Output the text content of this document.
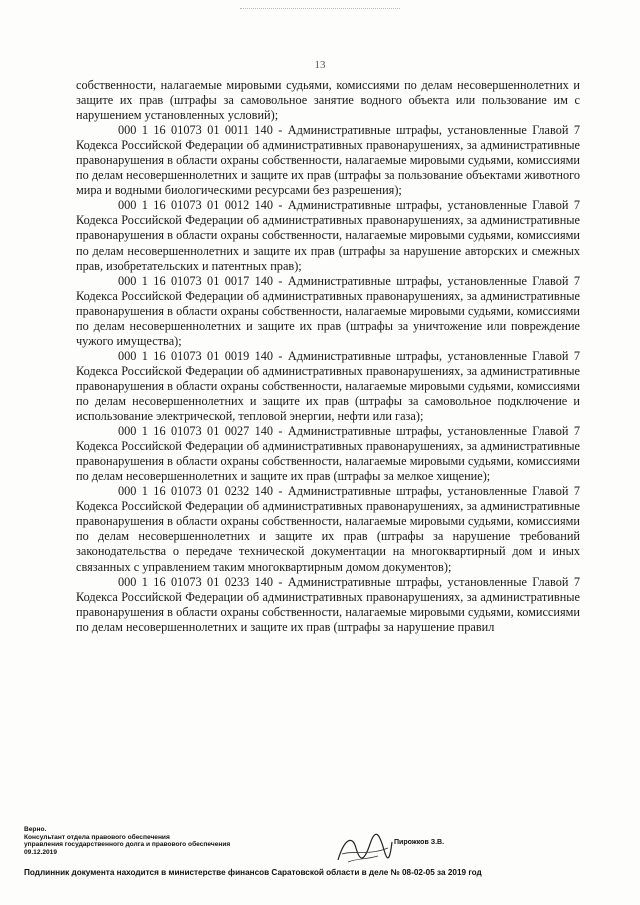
13

собственности, налагаемые мировыми судьями, комиссиями по делам несовершеннолетних и защите их прав (штрафы за самовольное занятие водного объекта или пользование им с нарушением установленных условий);

000 1 16 01073 01 0011 140 - Административные штрафы, установленные Главой 7 Кодекса Российской Федерации об административных правонарушениях, за административные правонарушения в области охраны собственности, налагаемые мировыми судьями, комиссиями по делам несовершеннолетних и защите их прав (штрафы за пользование объектами животного мира и водными биологическими ресурсами без разрешения);

000 1 16 01073 01 0012 140 - Административные штрафы, установленные Главой 7 Кодекса Российской Федерации об административных правонарушениях, за административные правонарушения в области охраны собственности, налагаемые мировыми судьями, комиссиями по делам несовершеннолетних и защите их прав (штрафы за нарушение авторских и смежных прав, изобретательских и патентных прав);

000 1 16 01073 01 0017 140 - Административные штрафы, установленные Главой 7 Кодекса Российской Федерации об административных правонарушениях, за административные правонарушения в области охраны собственности, налагаемые мировыми судьями, комиссиями по делам несовершеннолетних и защите их прав (штрафы за уничтожение или повреждение чужого имущества);

000 1 16 01073 01 0019 140 - Административные штрафы, установленные Главой 7 Кодекса Российской Федерации об административных правонарушениях, за административные правонарушения в области охраны собственности, налагаемые мировыми судьями, комиссиями по делам несовершеннолетних и защите их прав (штрафы за самовольное подключение и использование электрической, тепловой энергии, нефти или газа);

000 1 16 01073 01 0027 140 - Административные штрафы, установленные Главой 7 Кодекса Российской Федерации об административных правонарушениях, за административные правонарушения в области охраны собственности, налагаемые мировыми судьями, комиссиями по делам несовершеннолетних и защите их прав (штрафы за мелкое хищение);

000 1 16 01073 01 0232 140 - Административные штрафы, установленные Главой 7 Кодекса Российской Федерации об административных правонарушениях, за административные правонарушения в области охраны собственности, налагаемые мировыми судьями, комиссиями по делам несовершеннолетних и защите их прав (штрафы за нарушение требований законодательства о передаче технической документации на многоквартирный дом и иных связанных с управлением таким многоквартирным домом документов);

000 1 16 01073 01 0233 140 - Административные штрафы, установленные Главой 7 Кодекса Российской Федерации об административных правонарушениях, за административные правонарушения в области охраны собственности, налагаемые мировыми судьями, комиссиями по делам несовершеннолетних и защите их прав (штрафы за нарушение правил

Верно.
Консультант отдела правового обеспечения
управления государственного долга и правового обеспечения
09.12.2019
Пирожков З.В.
Подлинник документа находится в министерстве финансов Саратовской области в деле № 08-02-05 за 2019 год
